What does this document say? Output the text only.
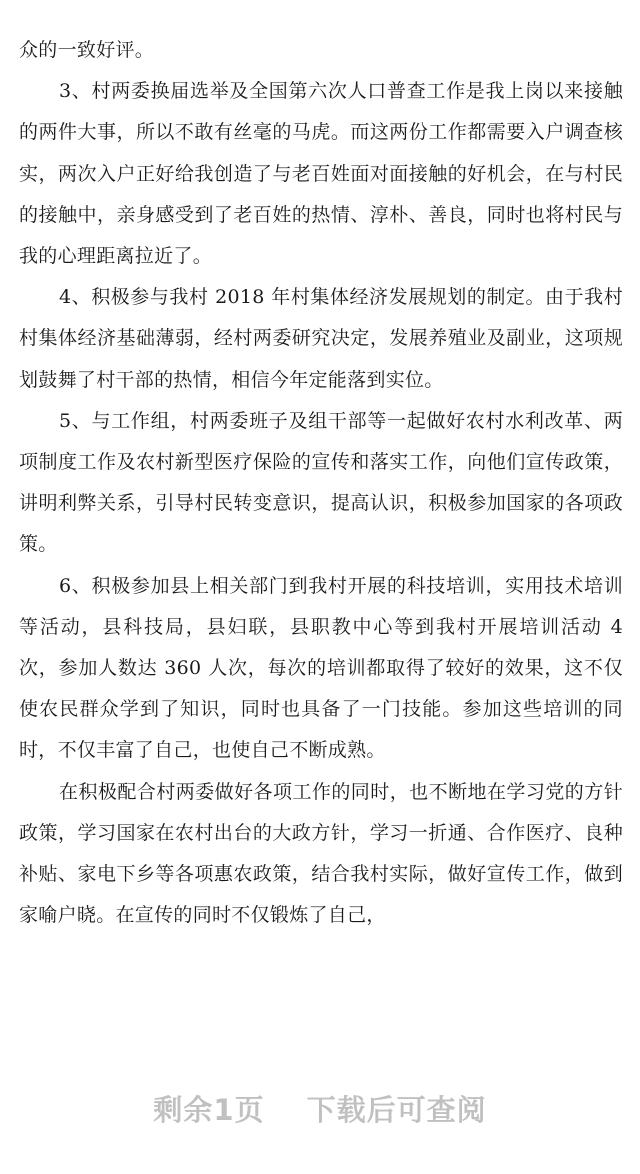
众的一致好评。

3、村两委换届选举及全国第六次人口普查工作是我上岗以来接触的两件大事，所以不敢有丝毫的马虎。而这两份工作都需要入户调查核实，两次入户正好给我创造了与老百姓面对面接触的好机会，在与村民的接触中，亲身感受到了老百姓的热情、淳朴、善良，同时也将村民与我的心理距离拉近了。

4、积极参与我村 2018 年村集体经济发展规划的制定。由于我村村集体经济基础薄弱，经村两委研究决定，发展养殖业及副业，这项规划鼓舞了村干部的热情，相信今年定能落到实位。

5、与工作组，村两委班子及组干部等一起做好农村水利改革、两项制度工作及农村新型医疗保险的宣传和落实工作，向他们宣传政策，讲明利弊关系，引导村民转变意识，提高认识，积极参加国家的各项政策。

6、积极参加县上相关部门到我村开展的科技培训，实用技术培训等活动，县科技局，县妇联，县职教中心等到我村开展培训活动 4 次，参加人数达 360 人次，每次的培训都取得了较好的效果，这不仅使农民群众学到了知识，同时也具备了一门技能。参加这些培训的同时，不仅丰富了自己，也使自己不断成熟。

在积极配合村两委做好各项工作的同时，也不断地在学习党的方针政策，学习国家在农村出台的大政方针，学习一折通、合作医疗、良种补贴、家电下乡等各项惠农政策，结合我村实际，做好宣传工作，做到家喻户晓。在宣传的同时不仅锻炼了自己，

剩余1页 下载后可查阅
